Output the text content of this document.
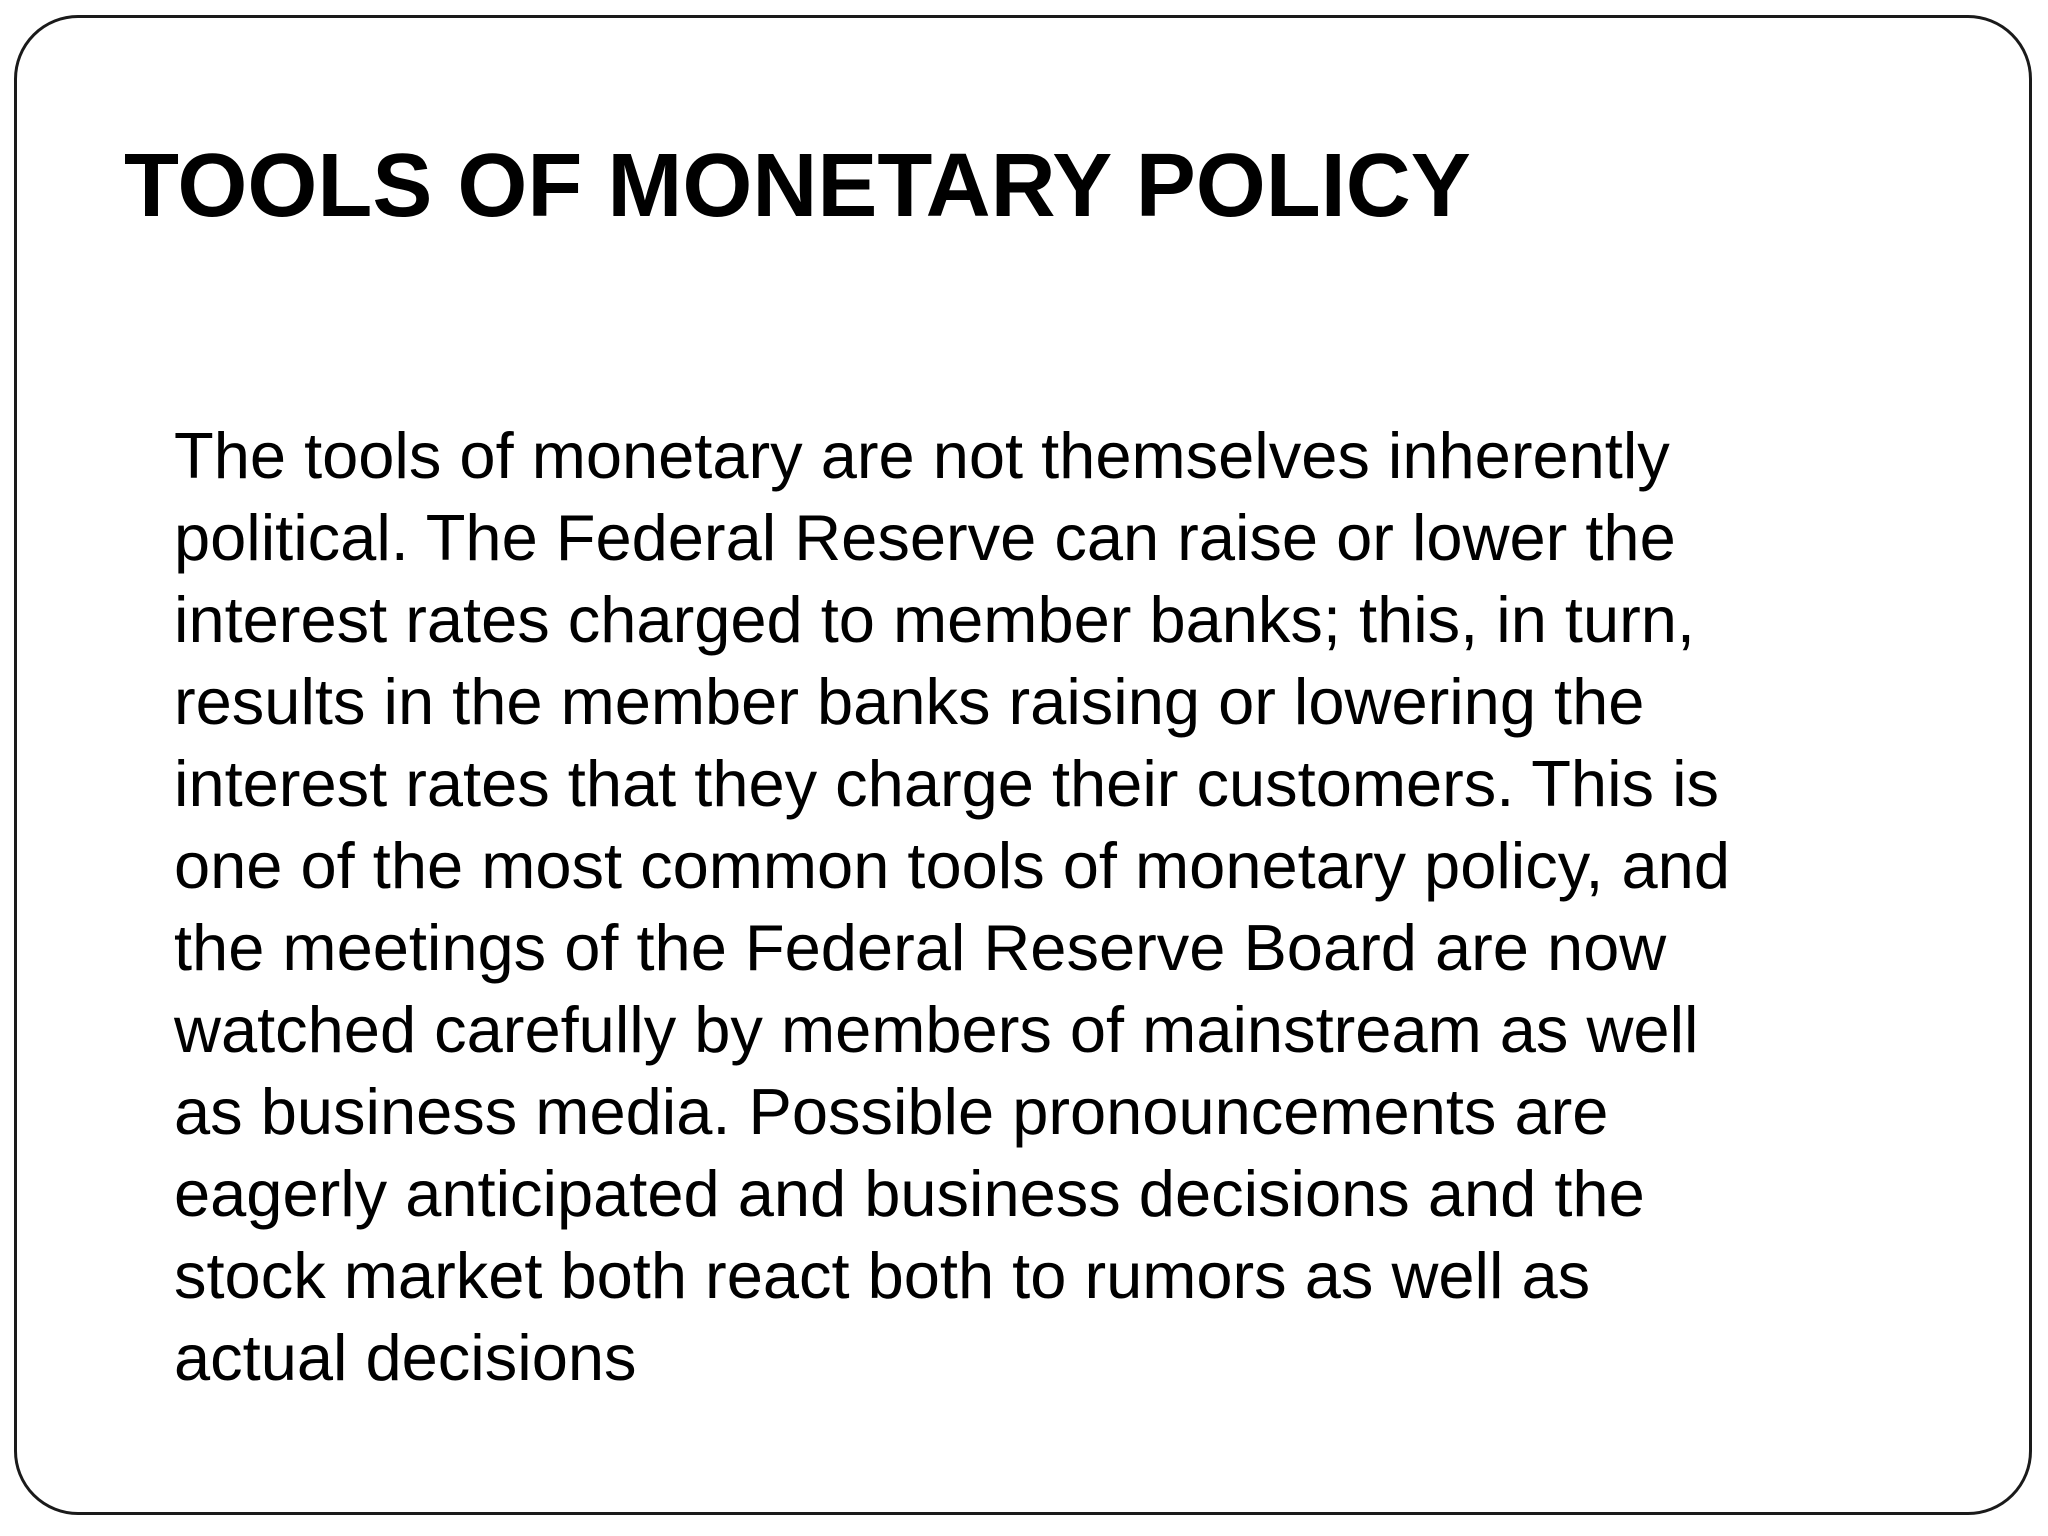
TOOLS OF MONETARY POLICY
The tools of monetary are not themselves inherently
political. The Federal Reserve can raise or lower the
interest rates charged to member banks; this, in turn,
results in the member banks raising or lowering the
interest rates that they charge their customers. This is
one of the most common tools of monetary policy, and
the meetings of the Federal Reserve Board are now
watched carefully by members of mainstream as well
as business media. Possible pronouncements are
eagerly anticipated and business decisions and the
stock market both react both to rumors as well as
actual decisions
